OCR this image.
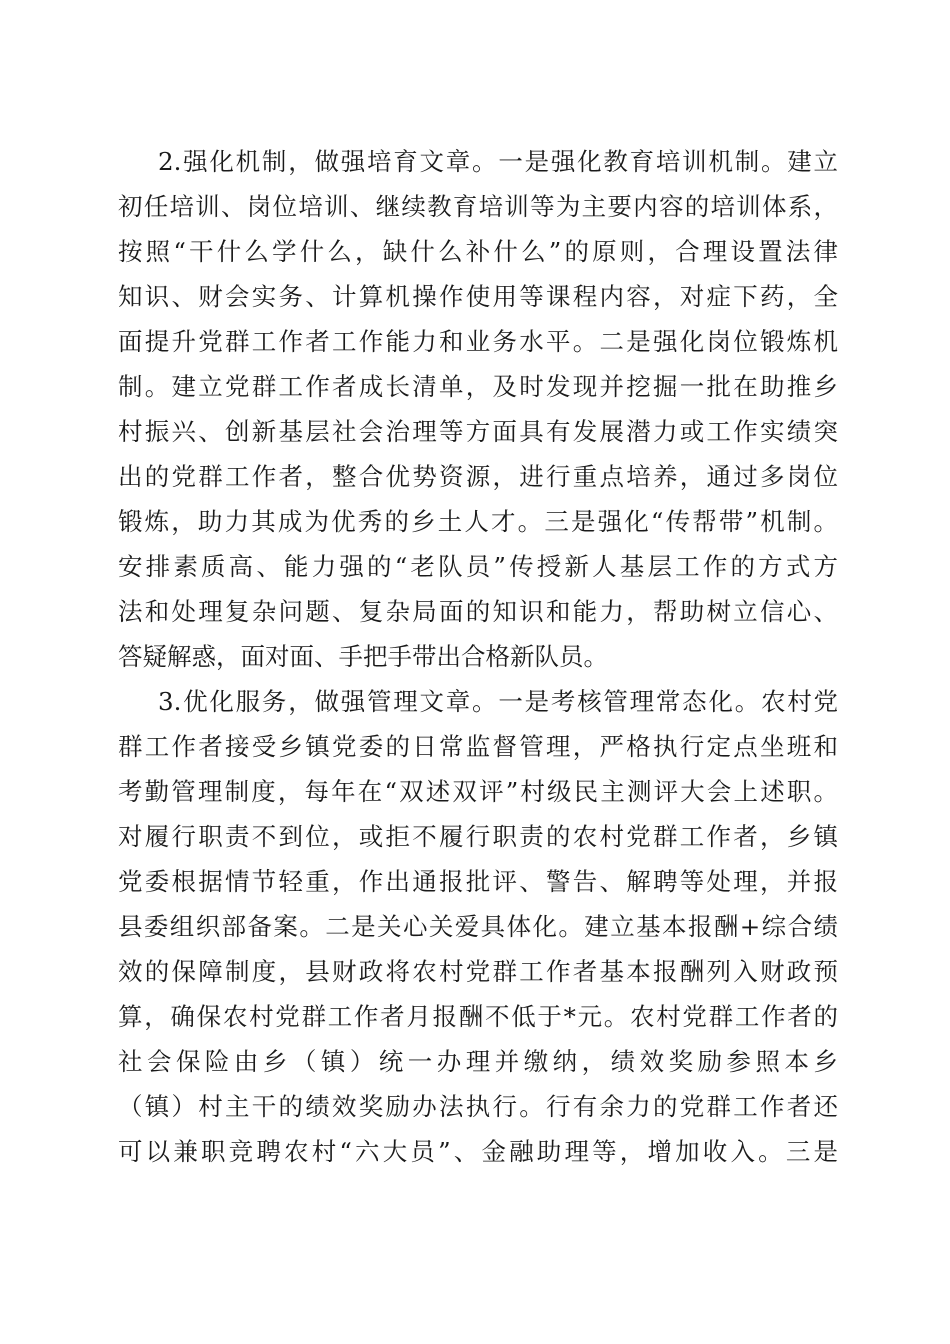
2.强化机制，做强培育文章。一是强化教育培训机制。建立
初任培训、岗位培训、继续教育培训等为主要内容的培训体系，
按照“干什么学什么，缺什么补什么”的原则，合理设置法律
知识、财会实务、计算机操作使用等课程内容，对症下药，全
面提升党群工作者工作能力和业务水平。二是强化岗位锻炼机
制。建立党群工作者成长清单，及时发现并挖掘一批在助推乡
村振兴、创新基层社会治理等方面具有发展潜力或工作实绩突
出的党群工作者，整合优势资源，进行重点培养，通过多岗位
锻炼，助力其成为优秀的乡土人才。三是强化“传帮带”机制。
安排素质高、能力强的“老队员”传授新人基层工作的方式方
法和处理复杂问题、复杂局面的知识和能力，帮助树立信心、
答疑解惑，面对面、手把手带出合格新队员。
3.优化服务，做强管理文章。一是考核管理常态化。农村党
群工作者接受乡镇党委的日常监督管理，严格执行定点坐班和
考勤管理制度，每年在“双述双评”村级民主测评大会上述职。
对履行职责不到位，或拒不履行职责的农村党群工作者，乡镇
党委根据情节轻重，作出通报批评、警告、解聘等处理，并报
县委组织部备案。二是关心关爱具体化。建立基本报酬+综合绩
效的保障制度，县财政将农村党群工作者基本报酬列入财政预
算，确保农村党群工作者月报酬不低于*元。农村党群工作者的
社会保险由乡（镇）统一办理并缴纳，绩效奖励参照本乡
（镇）村主干的绩效奖励办法执行。行有余力的党群工作者还
可以兼职竞聘农村“六大员”、金融助理等，增加收入。三是
